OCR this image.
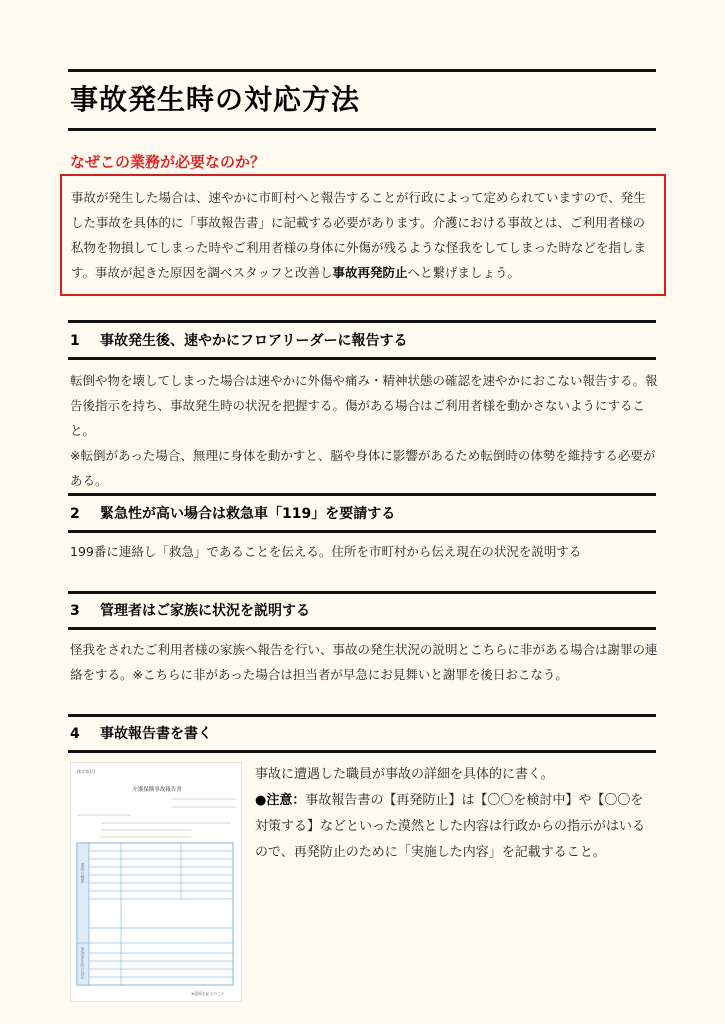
事故発生時の対応方法
なぜこの業務が必要なのか？
事故が発生した場合は、速やかに市町村へと報告することが行政によって定められていますので、発生した事故を具体的に「事故報告書」に記載する必要があります。介護における事故とは、ご利用者様の私物を物損してしまった時やご利用者様の身体に外傷が残るような怪我をしてしまった時などを指します。事故が起きた原因を調べスタッフと改善し事故再発防止へと繋げましょう。
1 事故発生後、速やかにフロアリーダーに報告する
転倒や物を壊してしまった場合は速やかに外傷や痛み・精神状態の確認を速やかにおこない報告する。報告後指示を持ち、事故発生時の状況を把握する。傷がある場合はご利用者様を動かさないようにすること。
※転倒があった場合、無理に身体を動かすと、脳や身体に影響があるため転倒時の体勢を維持する必要がある。
2 緊急性が高い場合は救急車「119」を要請する
199番に連絡し「救急」であることを伝える。住所を市町村から伝え現在の状況を説明する
3 管理者はご家族に状況を説明する
怪我をされたご利用者様の家族へ報告を行い、事故の発生状況の説明とこちらに非がある場合は謝罪の連絡をする。※こちらに非があった場合は担当者が早急にお見舞いと謝罪を後日おこなう。
4 事故報告書を書く
様式第1号
介護保険事故報告書
事故の概要
事故発生時の対応
※裏面も記入のこと
事故に遭遇した職員が事故の詳細を具体的に書く。
●注意：事故報告書の【再発防止】は【〇〇を検討中】や【〇〇を対策する】などといった漠然とした内容は行政からの指示がはいるので、再発防止のために「実施した内容」を記載すること。
